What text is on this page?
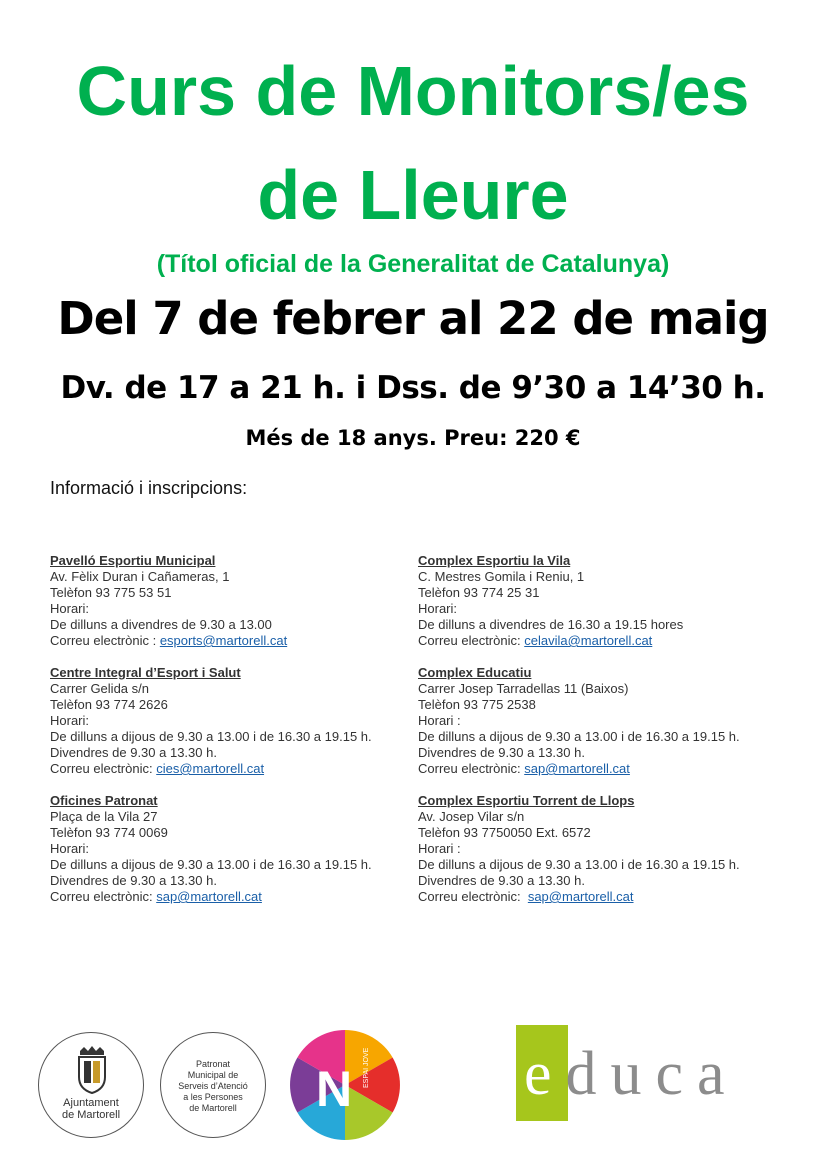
Curs de Monitors/es
de Lleure
(Títol oficial de la Generalitat de Catalunya)
Del 7 de febrer al 22 de maig
Dv. de 17 a 21 h. i Dss. de 9’30 a 14’30 h.
Més de 18 anys. Preu: 220 €
Informació i inscripcions:
Pavelló Esportiu Municipal
Av. Fèlix Duran i Cañameras, 1
Telèfon 93 775 53 51
Horari:
De dilluns a divendres de 9.30 a 13.00
Correu electrònic : esports@martorell.cat
Centre Integral d’Esport i Salut
Carrer Gelida s/n
Telèfon 93 774 2626
Horari:
De dilluns a dijous de 9.30 a 13.00 i de 16.30 a 19.15 h.
Divendres de 9.30 a 13.30 h.
Correu electrònic: cies@martorell.cat
Oficines Patronat
Plaça de la Vila 27
Telèfon 93 774 0069
Horari:
De dilluns a dijous de 9.30 a 13.00 i de 16.30 a 19.15 h.
Divendres de 9.30 a 13.30 h.
Correu electrònic: sap@martorell.cat
Complex Esportiu la Vila
C. Mestres Gomila i Reniu, 1
Telèfon 93 774 25 31
Horari:
De dilluns a divendres de 16.30 a 19.15 hores
Correu electrònic: celavila@martorell.cat
Complex Educatiu
Carrer Josep Tarradellas 11 (Baixos)
Telèfon 93 775 2538
Horari :
De dilluns a dijous de 9.30 a 13.00 i de 16.30 a 19.15 h.
Divendres de 9.30 a 13.30 h.
Correu electrònic: sap@martorell.cat
Complex Esportiu Torrent de Llops
Av. Josep Vilar s/n
Telèfon 93 7750050 Ext. 6572
Horari :
De dilluns a dijous de 9.30 a 13.00 i de 16.30 a 19.15 h.
Divendres de 9.30 a 13.30 h.
Correu electrònic:  sap@martorell.cat
Ajuntament
de Martorell
Patronat
Municipal de
Serveis d’Atenció
a les Persones
de Martorell	N ESPAI JOVE educa
